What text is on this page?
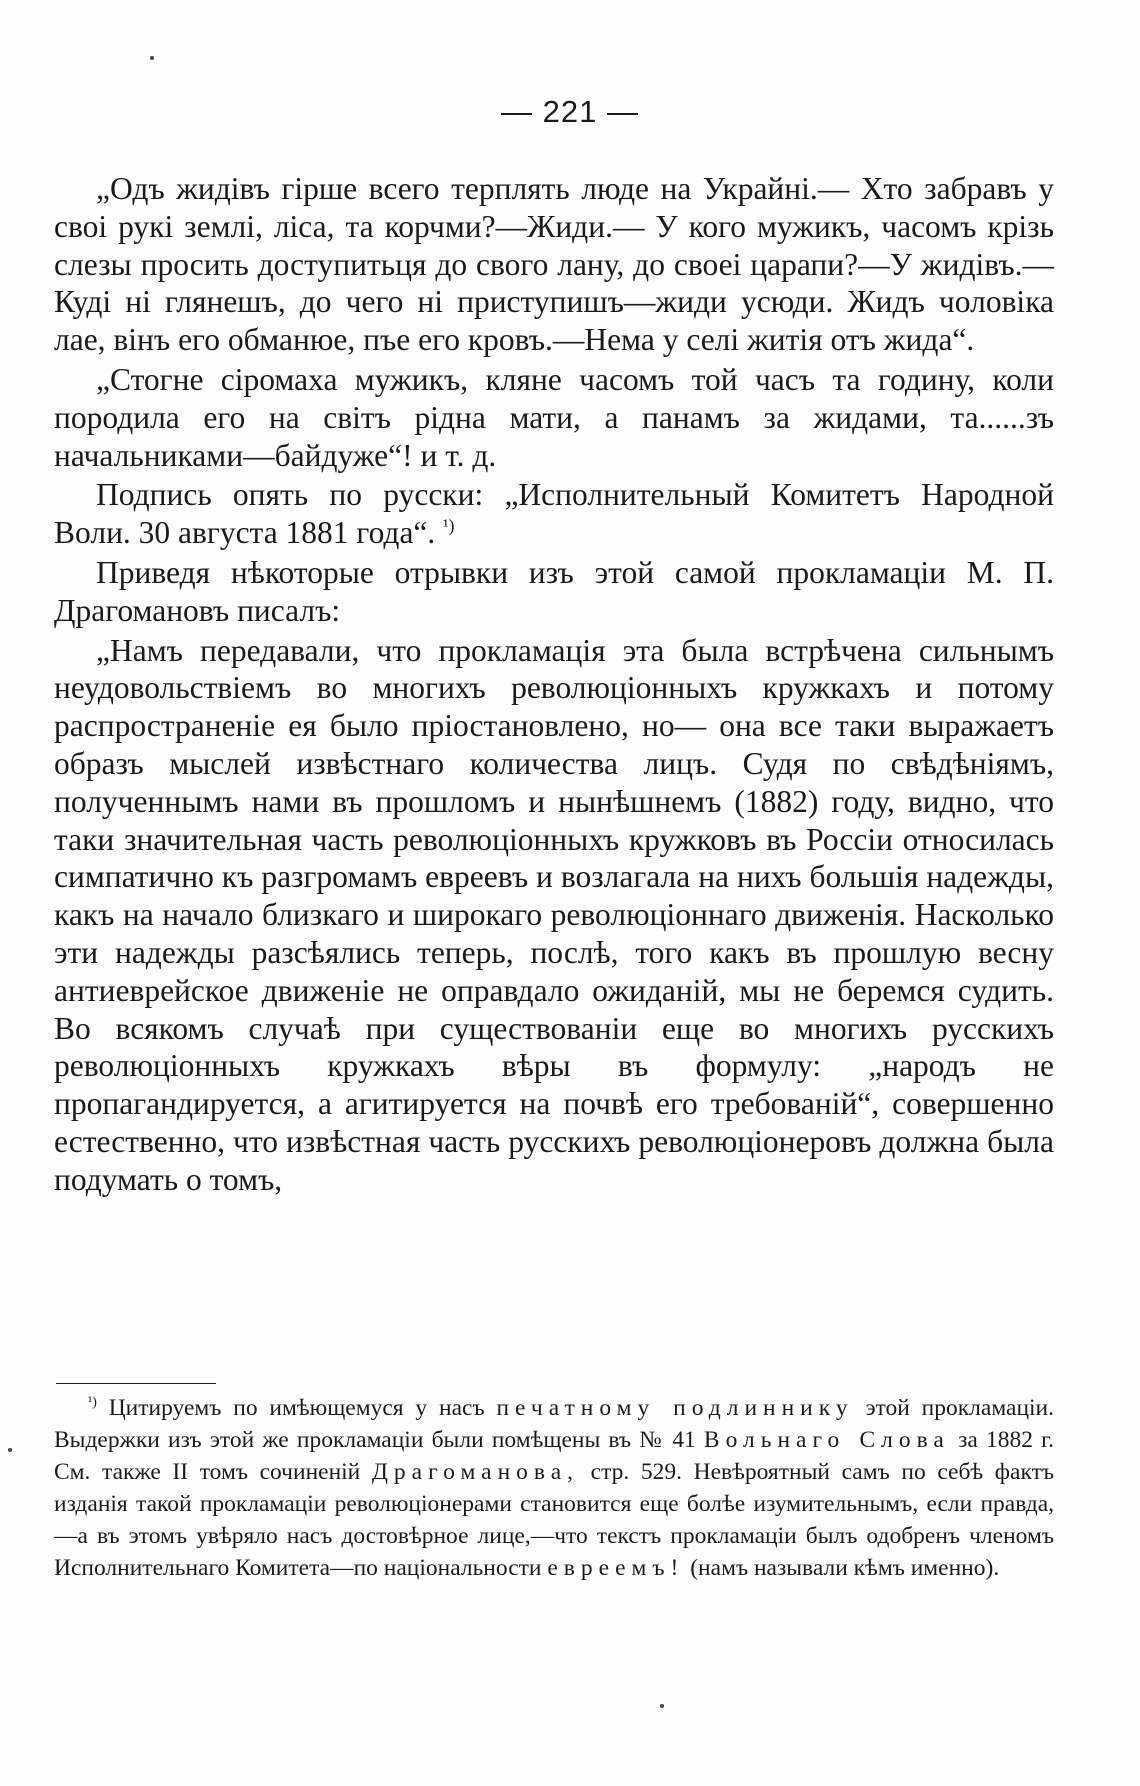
— 221 —

„Одъ жидівъ гірше всего терплять люде на Украйні.— Хто забравъ у своі рукі землі, ліса, та корчми?—Жиди.— У кого мужикъ, часомъ крізь слезы просить доступитьця до свого лану, до своеі царапи?—У жидівъ.—Куді ні глянешъ, до чего ні приступишъ—жиди усюди. Жидъ чоловіка лае, вінъ его обманюе, пъе его кровъ.—Нема у селі житія отъ жида“.

„Стогне сіромаха мужикъ, кляне часомъ той часъ та годину, коли породила его на світъ рідна мати, а панамъ за жидами, та......зъ начальниками—байдуже“! и т. д.

Подпись опять по русски: „Исполнительный Комитетъ Народной Воли. 30 августа 1881 года“. $^{^1)}$

Приведя нѣкоторые отрывки изъ этой самой прокламаціи М. П. Драгомановъ писалъ:

„Намъ передавали, что прокламація эта была встрѣчена сильнымъ неудовольствіемъ во многихъ революціонныхъ кружкахъ и потому распространеніе ея было пріостановлено, но— она все таки выражаетъ образъ мыслей извѣстнаго количества лицъ. Судя по свѣдѣніямъ, полученнымъ нами въ прошломъ и нынѣшнемъ (1882) году, видно, что таки значительная часть революціонныхъ кружковъ въ Россіи относилась симпатично къ разгромамъ евреевъ и возлагала на нихъ большія надежды, какъ на начало близкаго и широкаго революціоннаго движенія. Насколько эти надежды разсѣялись теперь, послѣ, того какъ въ прошлую весну антиеврейское движеніе не оправдало ожиданій, мы не беремся судить. Во всякомъ случаѣ при существованіи еще во многихъ русскихъ революціонныхъ кружкахъ вѣры въ формулу: „народъ не пропагандируется, а агитируется на почвѣ его требованій“, совершенно естественно, что извѣстная часть русскихъ революціонеровъ должна была подумать о томъ,

$^{^1)}$ Цитируемъ по имѣющемуся у насъ печатному подлиннику этой прокламаціи. Выдержки изъ этой же прокламаціи были помѣщены въ № 41 Вольнаго Слова за 1882 г. См. также II томъ сочиненій Драгоманова, стр. 529. Невѣроятный самъ по себѣ фактъ изданія такой прокламаціи революціонерами становится еще болѣе изумительнымъ, если правда,—а въ этомъ увѣряло насъ достовѣрное лице,—что текстъ прокламаціи былъ одобренъ членомъ Исполнительнаго Комитета—по національности евреемъ! (намъ называли кѣмъ именно).
